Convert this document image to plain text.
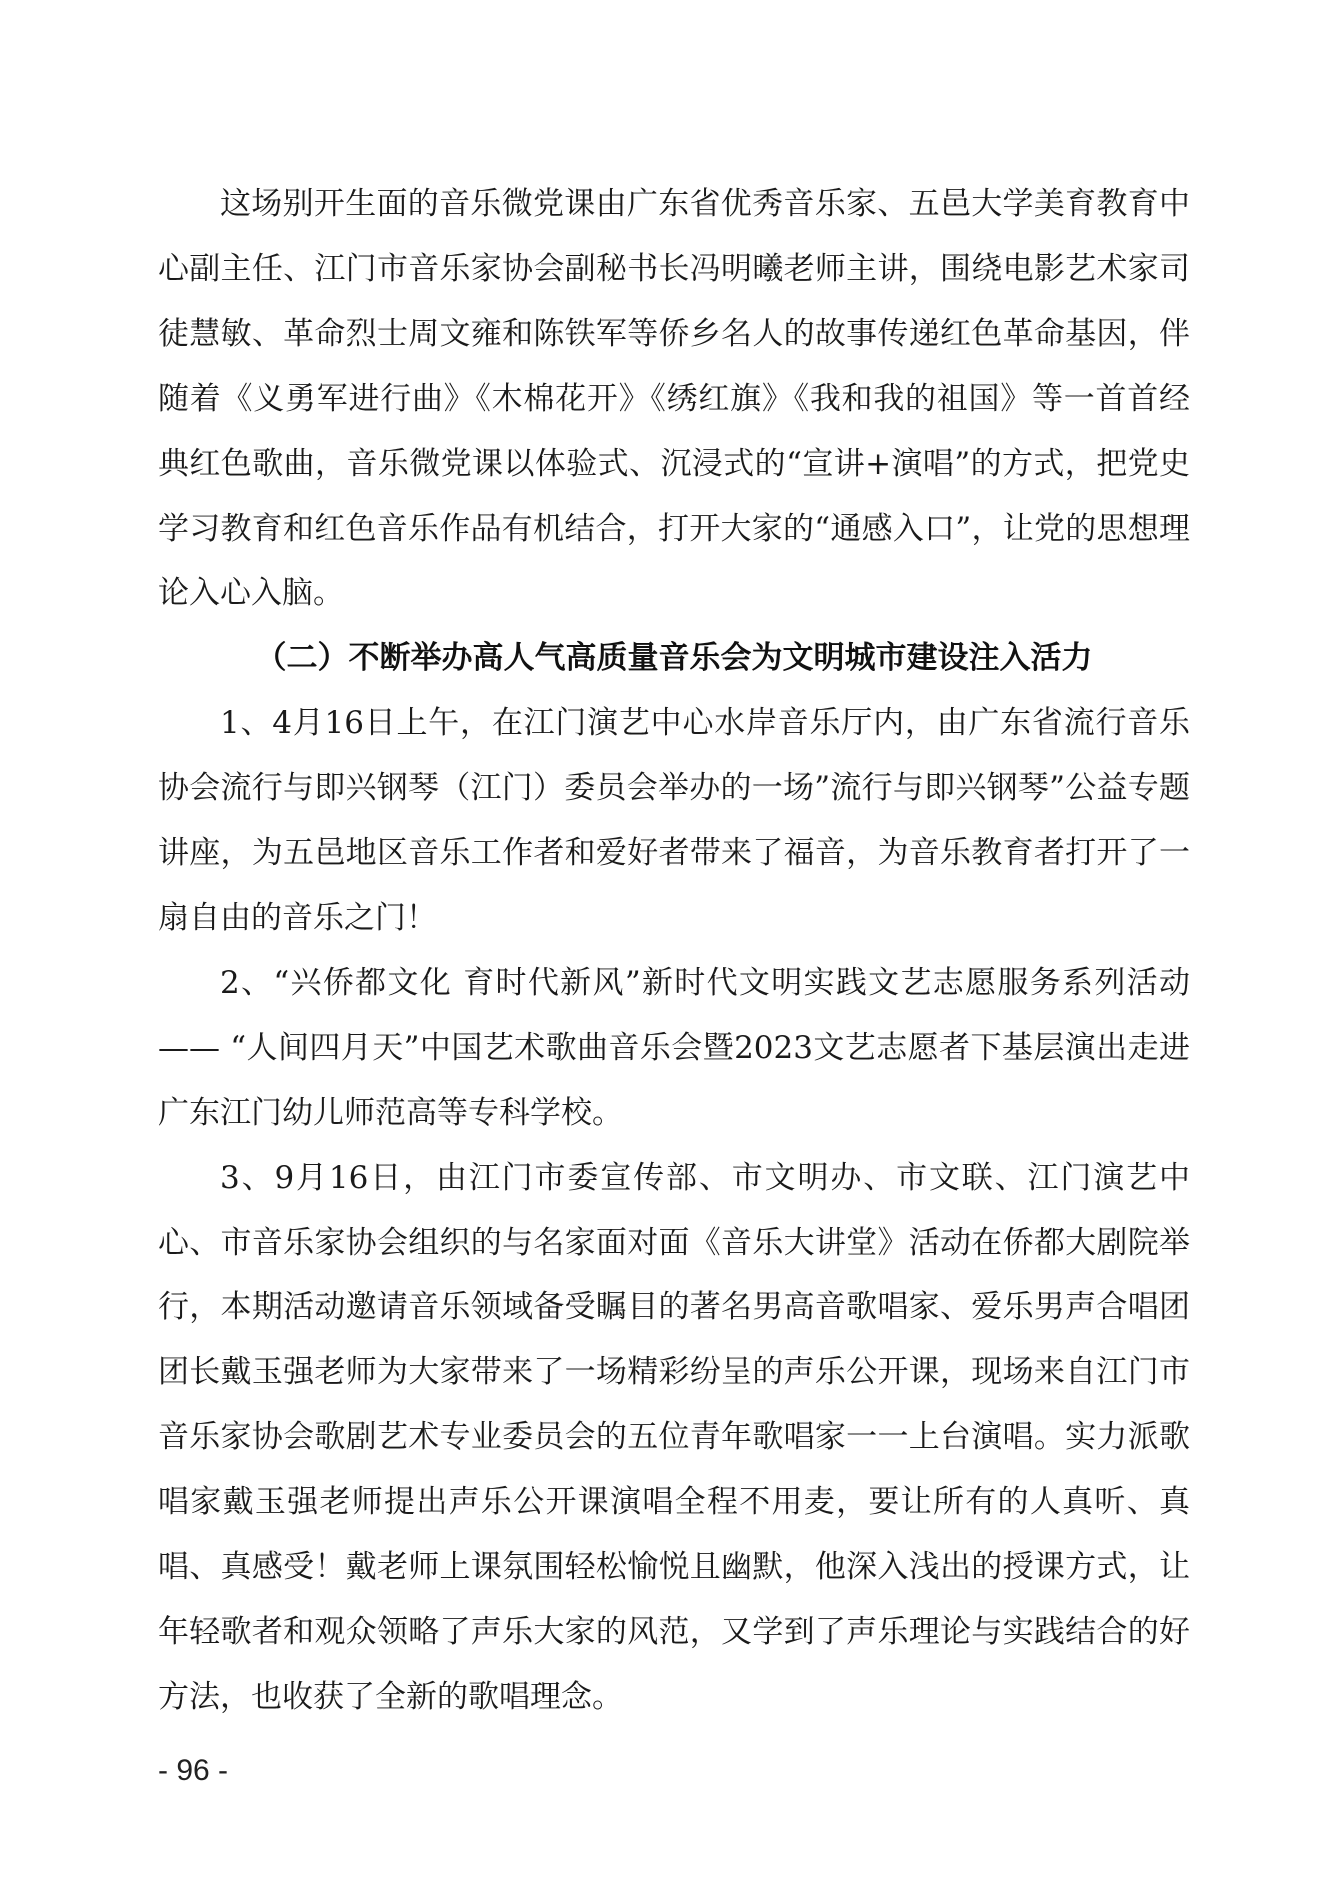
这场别开生面的音乐微党课由广东省优秀音乐家、五邑大学美育教育中心副主任、江门市音乐家协会副秘书长冯明曦老师主讲，围绕电影艺术家司徒慧敏、革命烈士周文雍和陈铁军等侨乡名人的故事传递红色革命基因，伴随着《义勇军进行曲》《木棉花开》《绣红旗》《我和我的祖国》等一首首经典红色歌曲，音乐微党课以体验式、沉浸式的“宣讲+演唱”的方式，把党史学习教育和红色音乐作品有机结合，打开大家的“通感入口”，让党的思想理论入心入脑。

（二）不断举办高人气高质量音乐会为文明城市建设注入活力

1、4月16日上午，在江门演艺中心水岸音乐厅内，由广东省流行音乐协会流行与即兴钢琴（江门）委员会举办的一场”流行与即兴钢琴”公益专题讲座，为五邑地区音乐工作者和爱好者带来了福音，为音乐教育者打开了一扇自由的音乐之门！

2、“兴侨都文化 育时代新风”新时代文明实践文艺志愿服务系列活动—— “人间四月天”中国艺术歌曲音乐会暨2023文艺志愿者下基层演出走进广东江门幼儿师范高等专科学校。

3、9月16日，由江门市委宣传部、市文明办、市文联、江门演艺中心、市音乐家协会组织的与名家面对面《音乐大讲堂》活动在侨都大剧院举行，本期活动邀请音乐领域备受瞩目的著名男高音歌唱家、爱乐男声合唱团团长戴玉强老师为大家带来了一场精彩纷呈的声乐公开课，现场来自江门市音乐家协会歌剧艺术专业委员会的五位青年歌唱家一一上台演唱。实力派歌唱家戴玉强老师提出声乐公开课演唱全程不用麦，要让所有的人真听、真唱、真感受！戴老师上课氛围轻松愉悦且幽默，他深入浅出的授课方式，让年轻歌者和观众领略了声乐大家的风范，又学到了声乐理论与实践结合的好方法，也收获了全新的歌唱理念。

- 96 -
